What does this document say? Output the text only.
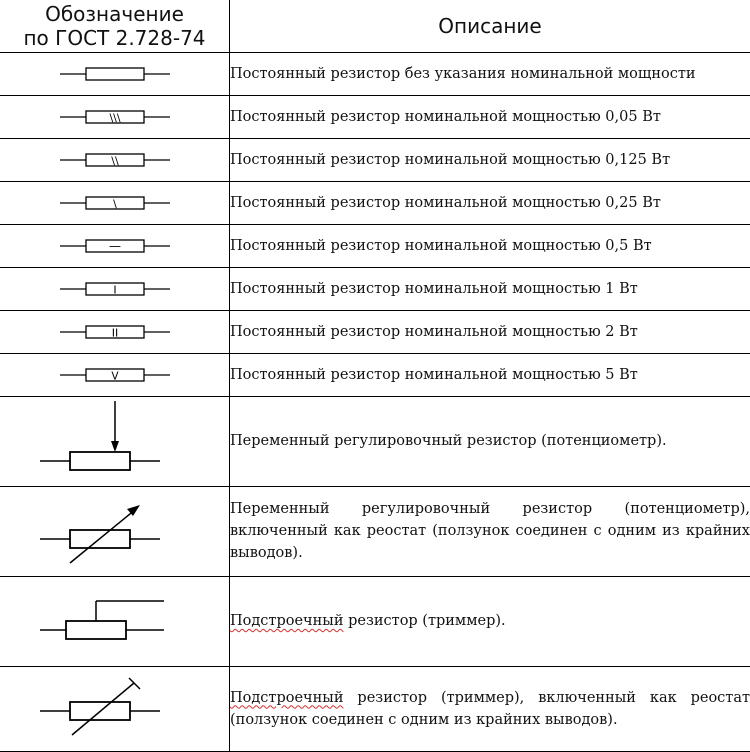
Обозначение
по ГОСТ 2.728-74	Описание

	Постоянный резистор без указания номинальной мощности

\\\	Постоянный резистор номинальной мощностью 0,05 Вт

\\	Постоянный резистор номинальной мощностью 0,125 Вт

\	Постоянный резистор номинальной мощностью 0,25 Вт

—	Постоянный резистор номинальной мощностью 0,5 Вт

I	Постоянный резистор номинальной мощностью 1 Вт

II	Постоянный резистор номинальной мощностью 2 Вт

V	Постоянный резистор номинальной мощностью 5 Вт

	Переменный регулировочный резистор (потенциометр).

	Переменный регулировочный резистор (потенциометр), включенный как реостат (ползунок соединен с одним из крайних выводов).

	Подстроечный резистор (триммер).

	Подстроечный резистор (триммер), включенный как реостат (ползунок соединен с одним из крайних выводов).
